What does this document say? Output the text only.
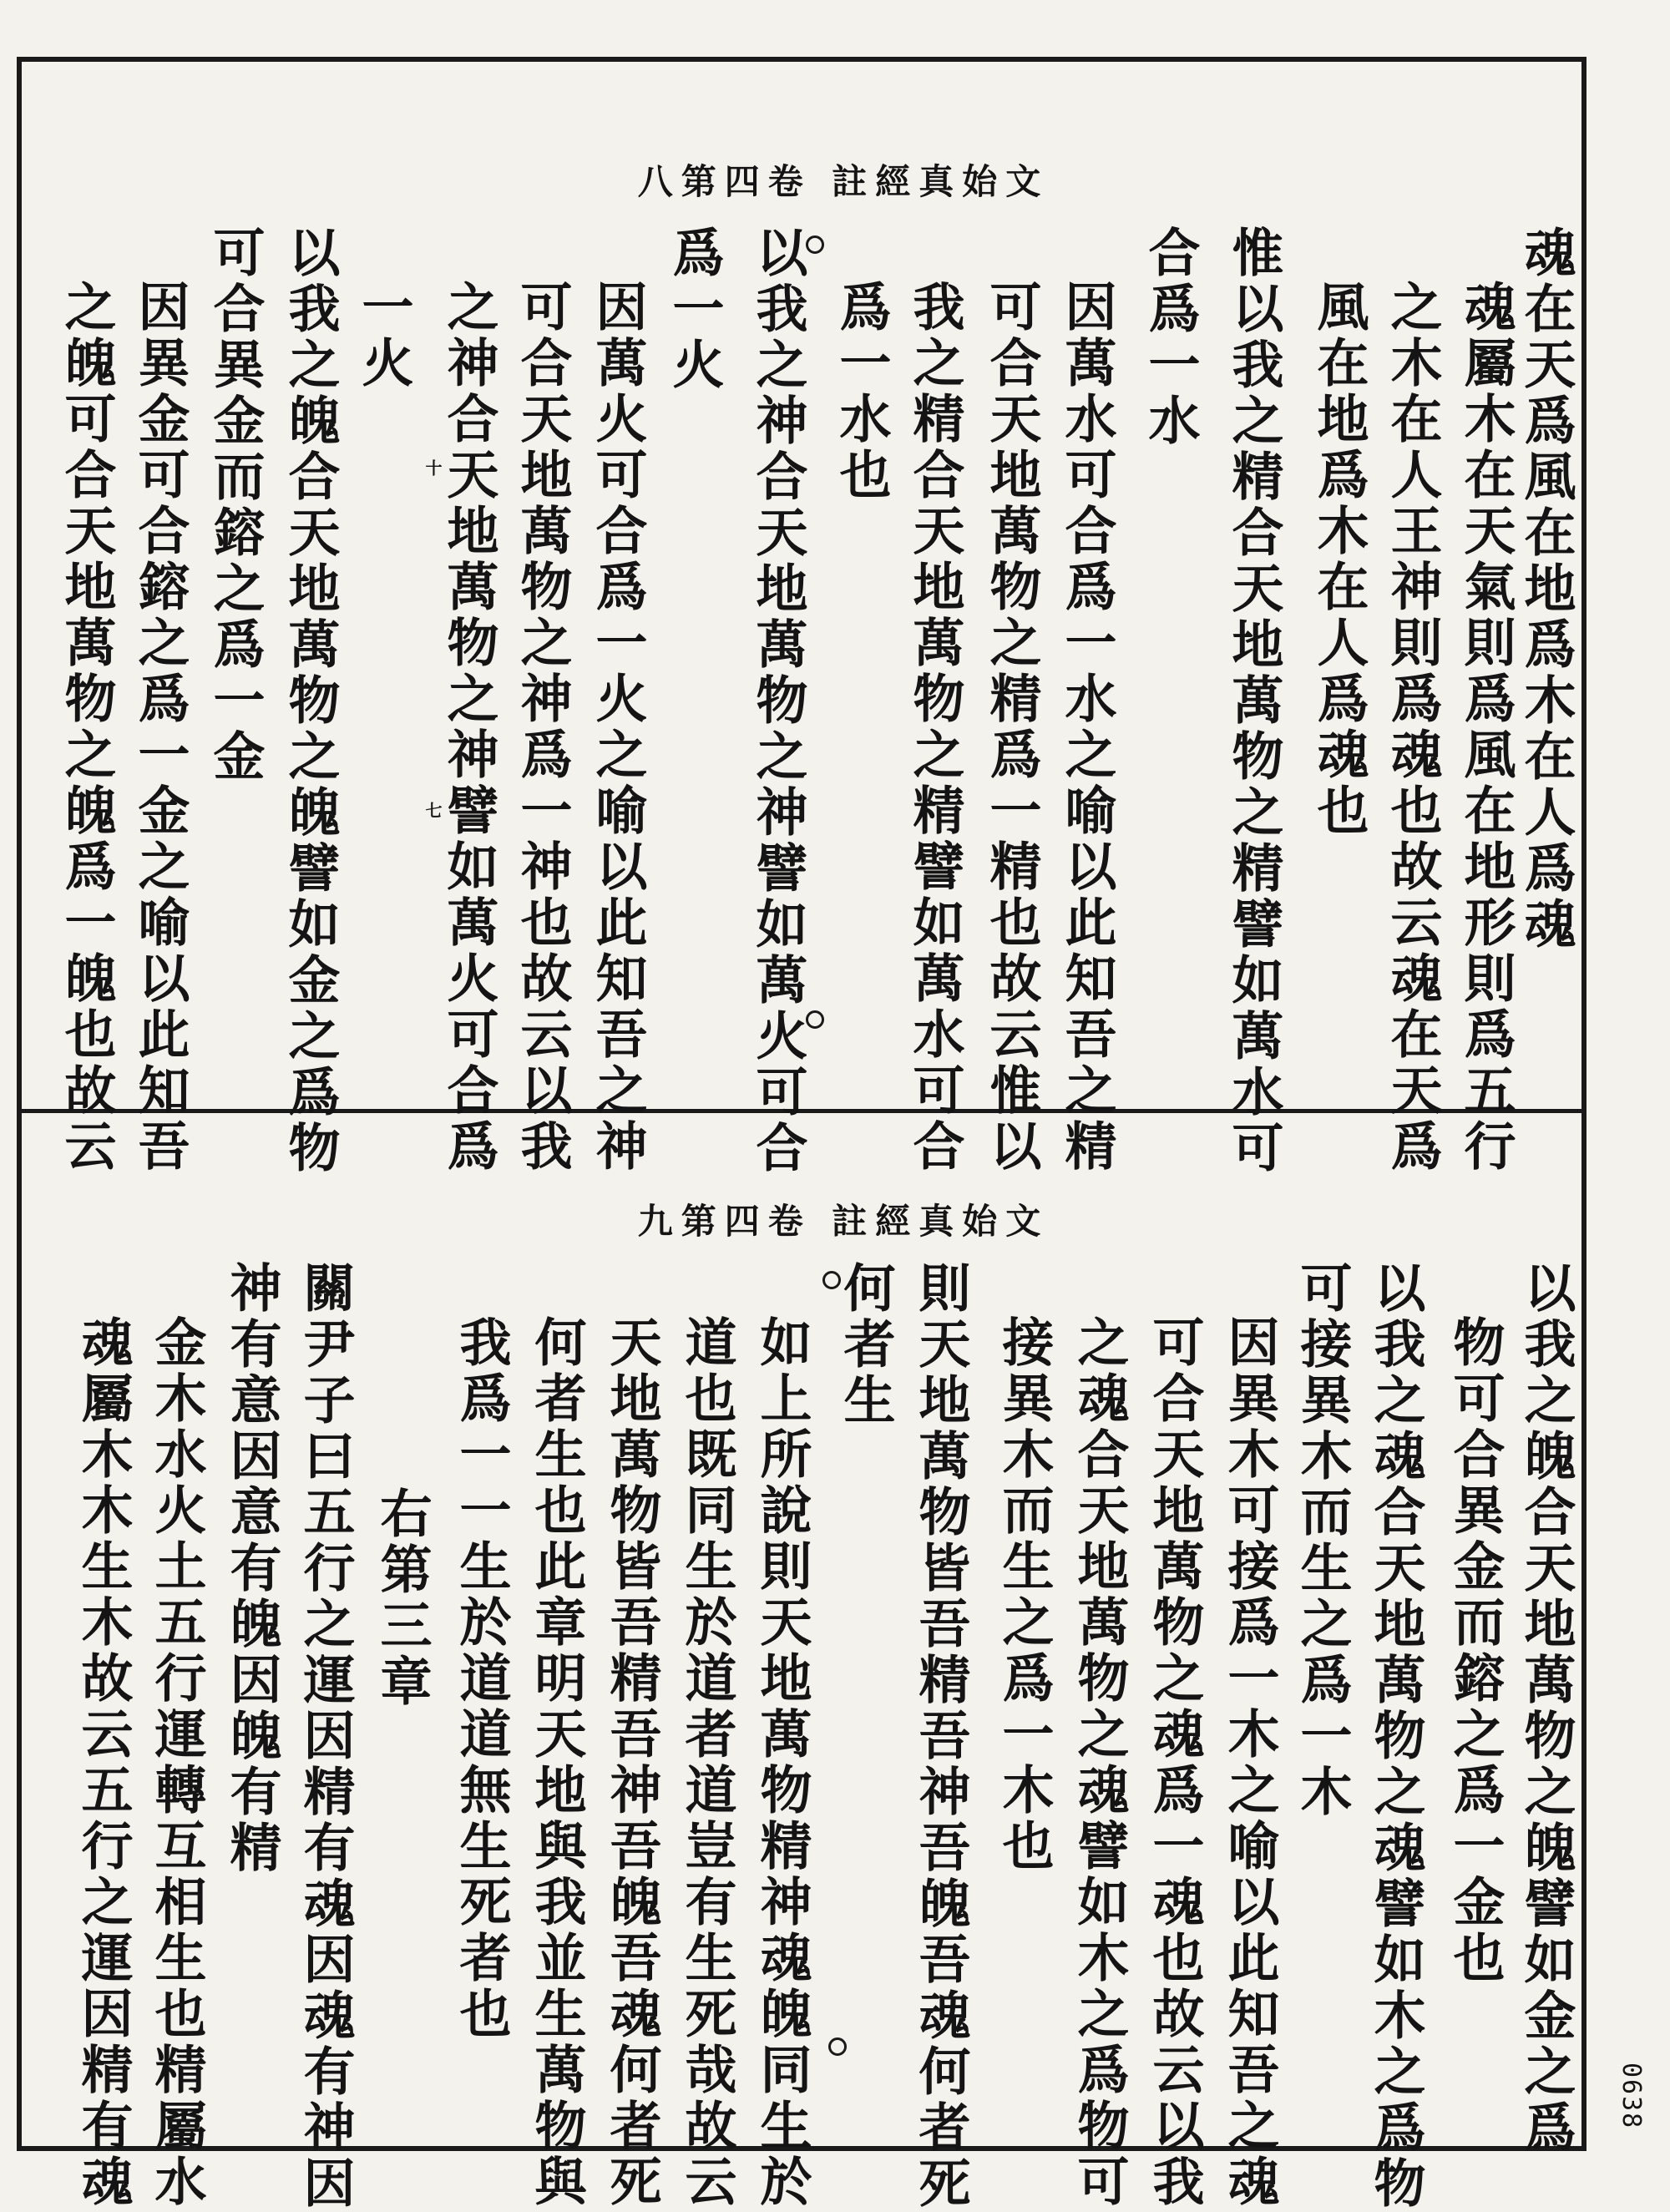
文始真經註 卷四第八
文始真經註 卷四第九
魂在天爲風在地爲木在人爲魂
魂屬木在天氣則爲風在地形則爲五行
之木在人王神則爲魂也故云魂在天爲
風在地爲木在人爲魂也
惟以我之精合天地萬物之精譬如萬水可
合爲一水
因萬水可合爲一水之喻以此知吾之精
可合天地萬物之精爲一精也故云惟以
我之精合天地萬物之精譬如萬水可合
爲一水也
以我之神合天地萬物之神譬如萬火可合
爲一火
因萬火可合爲一火之喻以此知吾之神
可合天地萬物之神爲一神也故云以我
之神合天地萬物之神譬如萬火可合爲
七
十
一火
以我之魄合天地萬物之魄譬如金之爲物
可合異金而鎔之爲一金
因異金可合鎔之爲一金之喻以此知吾
之魄可合天地萬物之魄爲一魄也故云
以我之魄合天地萬物之魄譬如金之爲
物可合異金而鎔之爲一金也
以我之魂合天地萬物之魂譬如木之爲物
可接異木而生之爲一木
因異木可接爲一木之喻以此知吾之魂
可合天地萬物之魂爲一魂也故云以我
之魂合天地萬物之魂譬如木之爲物可
接異木而生之爲一木也
則天地萬物皆吾精吾神吾魄吾魂何者死
何者生
如上所說則天地萬物精神魂魄同生於
道也既同生於道者道豈有生死哉故云
天地萬物皆吾精吾神吾魄吾魂何者死
何者生也此章明天地與我並生萬物與
我爲一一生於道道無生死者也
右第三章
關尹子曰五行之運因精有魂因魂有神因
神有意因意有魄因魄有精
金木水火土五行運轉互相生也精屬水
魂屬木木生木故云五行之運因精有魂	0638
